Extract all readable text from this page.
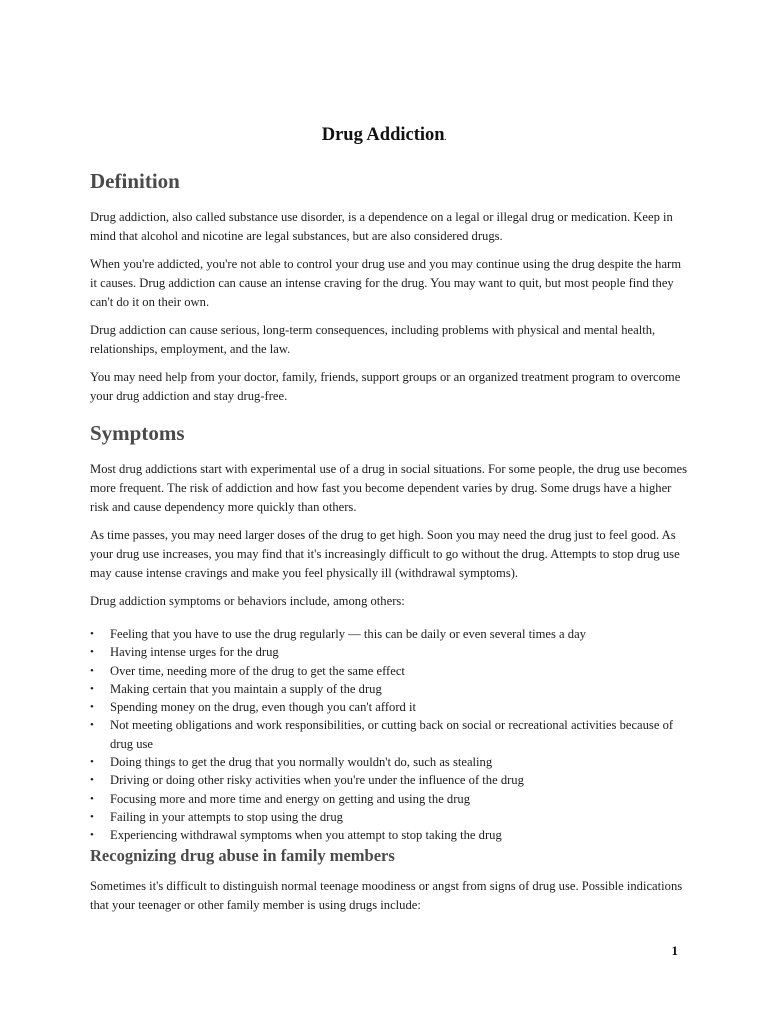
Drug Addiction.
Definition

Drug addiction, also called substance use disorder, is a dependence on a legal or illegal drug or medication. Keep in mind that alcohol and nicotine are legal substances, but are also considered drugs.

When you're addicted, you're not able to control your drug use and you may continue using the drug despite the harm it causes. Drug addiction can cause an intense craving for the drug. You may want to quit, but most people find they can't do it on their own.

Drug addiction can cause serious, long-term consequences, including problems with physical and mental health, relationships, employment, and the law.

You may need help from your doctor, family, friends, support groups or an organized treatment program to overcome your drug addiction and stay drug-free.

Symptoms

Most drug addictions start with experimental use of a drug in social situations. For some people, the drug use becomes more frequent. The risk of addiction and how fast you become dependent varies by drug. Some drugs have a higher risk and cause dependency more quickly than others.

As time passes, you may need larger doses of the drug to get high. Soon you may need the drug just to feel good. As your drug use increases, you may find that it's increasingly difficult to go without the drug. Attempts to stop drug use may cause intense cravings and make you feel physically ill (withdrawal symptoms).

Drug addiction symptoms or behaviors include, among others:

• Feeling that you have to use the drug regularly — this can be daily or even several times a day
• Having intense urges for the drug
• Over time, needing more of the drug to get the same effect
• Making certain that you maintain a supply of the drug
• Spending money on the drug, even though you can't afford it
• Not meeting obligations and work responsibilities, or cutting back on social or recreational activities because of drug use
• Doing things to get the drug that you normally wouldn't do, such as stealing
• Driving or doing other risky activities when you're under the influence of the drug
• Focusing more and more time and energy on getting and using the drug
• Failing in your attempts to stop using the drug
• Experiencing withdrawal symptoms when you attempt to stop taking the drug
Recognizing drug abuse in family members

Sometimes it's difficult to distinguish normal teenage moodiness or angst from signs of drug use. Possible indications that your teenager or other family member is using drugs include:

1
